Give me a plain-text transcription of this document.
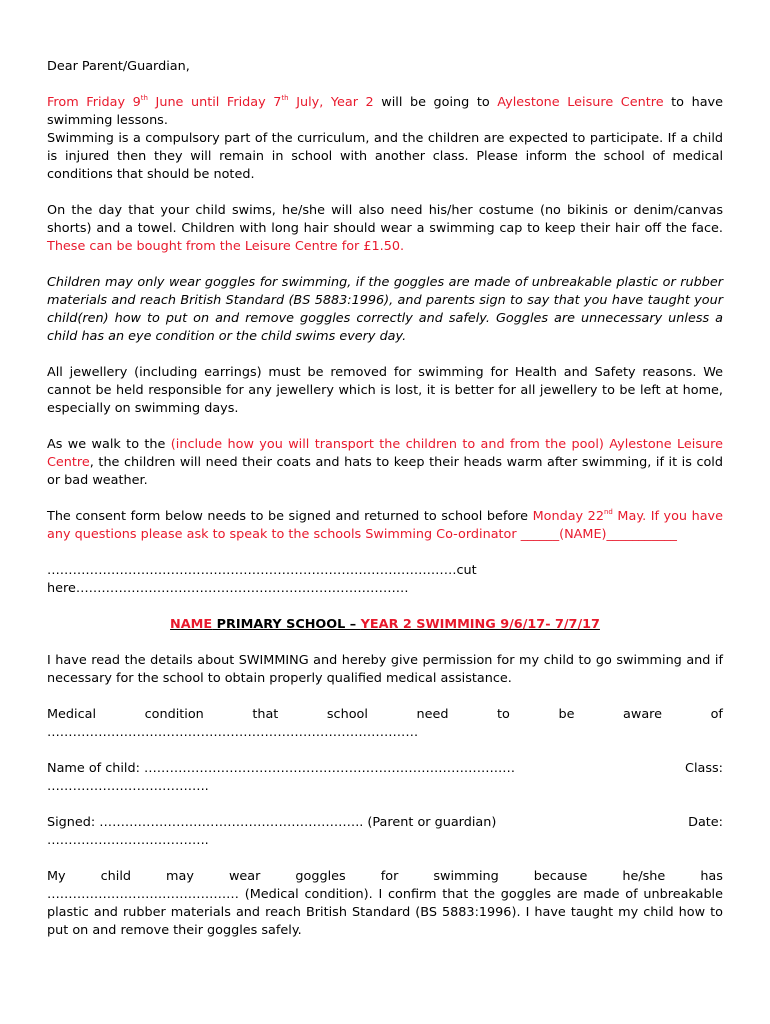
Dear Parent/Guardian,

From Friday 9th June until Friday 7th July, Year 2 will be going to Aylestone Leisure Centre to have swimming lessons.

Swimming is a compulsory part of the curriculum, and the children are expected to participate. If a child is injured then they will remain in school with another class. Please inform the school of medical conditions that should be noted.

On the day that your child swims, he/she will also need his/her costume (no bikinis or denim/canvas shorts) and a towel. Children with long hair should wear a swimming cap to keep their hair off the face. These can be bought from the Leisure Centre for £1.50.

Children may only wear goggles for swimming, if the goggles are made of unbreakable plastic or rubber materials and reach British Standard (BS 5883:1996), and parents sign to say that you have taught your child(ren) how to put on and remove goggles correctly and safely. Goggles are unnecessary unless a child has an eye condition or the child swims every day.

All jewellery (including earrings) must be removed for swimming for Health and Safety reasons. We cannot be held responsible for any jewellery which is lost, it is better for all jewellery to be left at home, especially on swimming days.

As we walk to the (include how you will transport the children to and from the pool) Aylestone Leisure Centre, the children will need their coats and hats to keep their heads warm after swimming, if it is cold or bad weather.

The consent form below needs to be signed and returned to school before Monday 22nd May. If you have any questions please ask to speak to the schools Swimming Co-ordinator ______(NAME)___________

……………………………………………………………………………………cut
here……………………………………………………………………

NAME PRIMARY SCHOOL – YEAR 2 SWIMMING 9/6/17- 7/7/17

I have read the details about SWIMMING and hereby give permission for my child to go swimming and if necessary for the school to obtain properly qualified medical assistance.

Medical	condition	that	school	need	to	be	aware	of
……………………………………………………………………………
Name of child: ……………………………………………………………………………	Class:
………………………………..
Signed: …………………………………………………….. (Parent or guardian)	Date:
………………………………..
My	child	may	wear	goggles	for	swimming	because	he/she	has

……………………………………… (Medical condition). I confirm that the goggles are made of unbreakable plastic and rubber materials and reach British Standard (BS 5883:1996). I have taught my child how to put on and remove their goggles safely.
